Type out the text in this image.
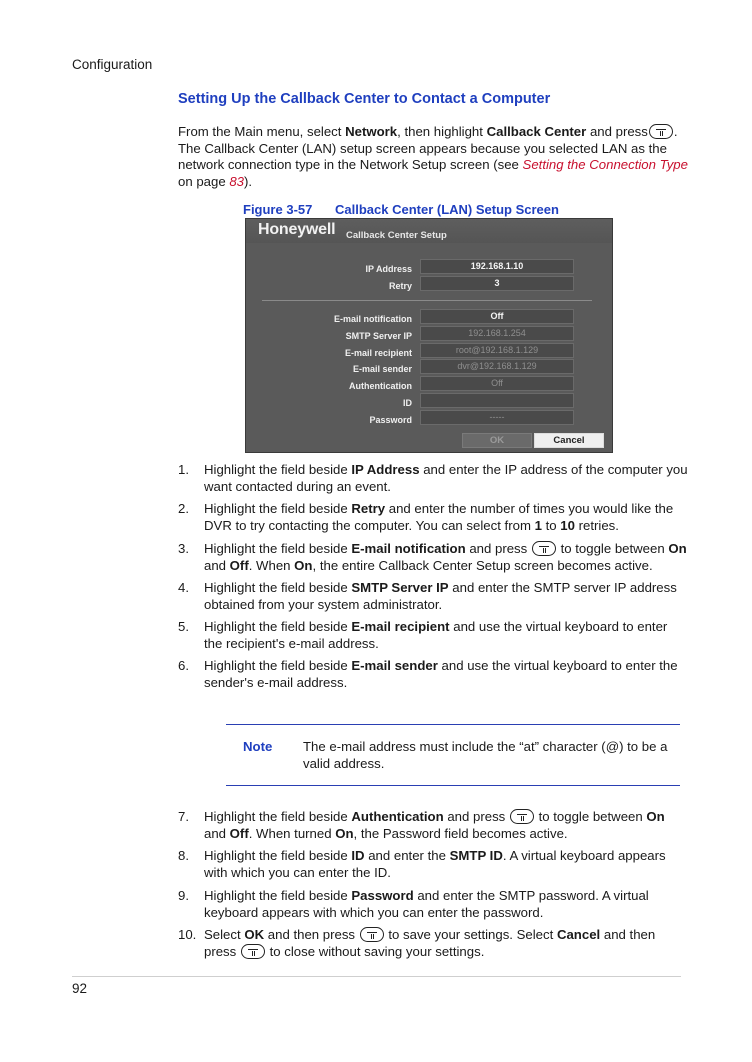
Configuration
Setting Up the Callback Center to Contact a Computer
From the Main menu, select Network, then highlight Callback Center and press . The Callback Center (LAN) setup screen appears because you selected LAN as the network connection type in the Network Setup screen (see Setting the Connection Type on page 83).
Figure 3-57 Callback Center (LAN) Setup Screen
Honeywell Callback Center Setup
IP Address	192.168.1.10
Retry	3
E-mail notification	Off
SMTP Server IP	192.168.1.254
E-mail recipient	root@192.168.1.129
E-mail sender	dvr@192.168.1.129
Authentication	Off
ID
Password	-----
OK	Cancel
1. Highlight the field beside IP Address and enter the IP address of the computer you want contacted during an event.
2. Highlight the field beside Retry and enter the number of times you would like the DVR to try contacting the computer. You can select from 1 to 10 retries.
3. Highlight the field beside E-mail notification and press  to toggle between On and Off. When On, the entire Callback Center Setup screen becomes active.
4. Highlight the field beside SMTP Server IP and enter the SMTP server IP address obtained from your system administrator.
5. Highlight the field beside E-mail recipient and use the virtual keyboard to enter the recipient's e-mail address.
6. Highlight the field beside E-mail sender and use the virtual keyboard to enter the sender's e-mail address.
Note The e-mail address must include the “at” character (@) to be a valid address.
7. Highlight the field beside Authentication and press  to toggle between On and Off. When turned On, the Password field becomes active.
8. Highlight the field beside ID and enter the SMTP ID. A virtual keyboard appears with which you can enter the ID.
9. Highlight the field beside Password and enter the SMTP password. A virtual keyboard appears with which you can enter the password.
10. Select OK and then press  to save your settings. Select Cancel and then press  to close without saving your settings.
92
